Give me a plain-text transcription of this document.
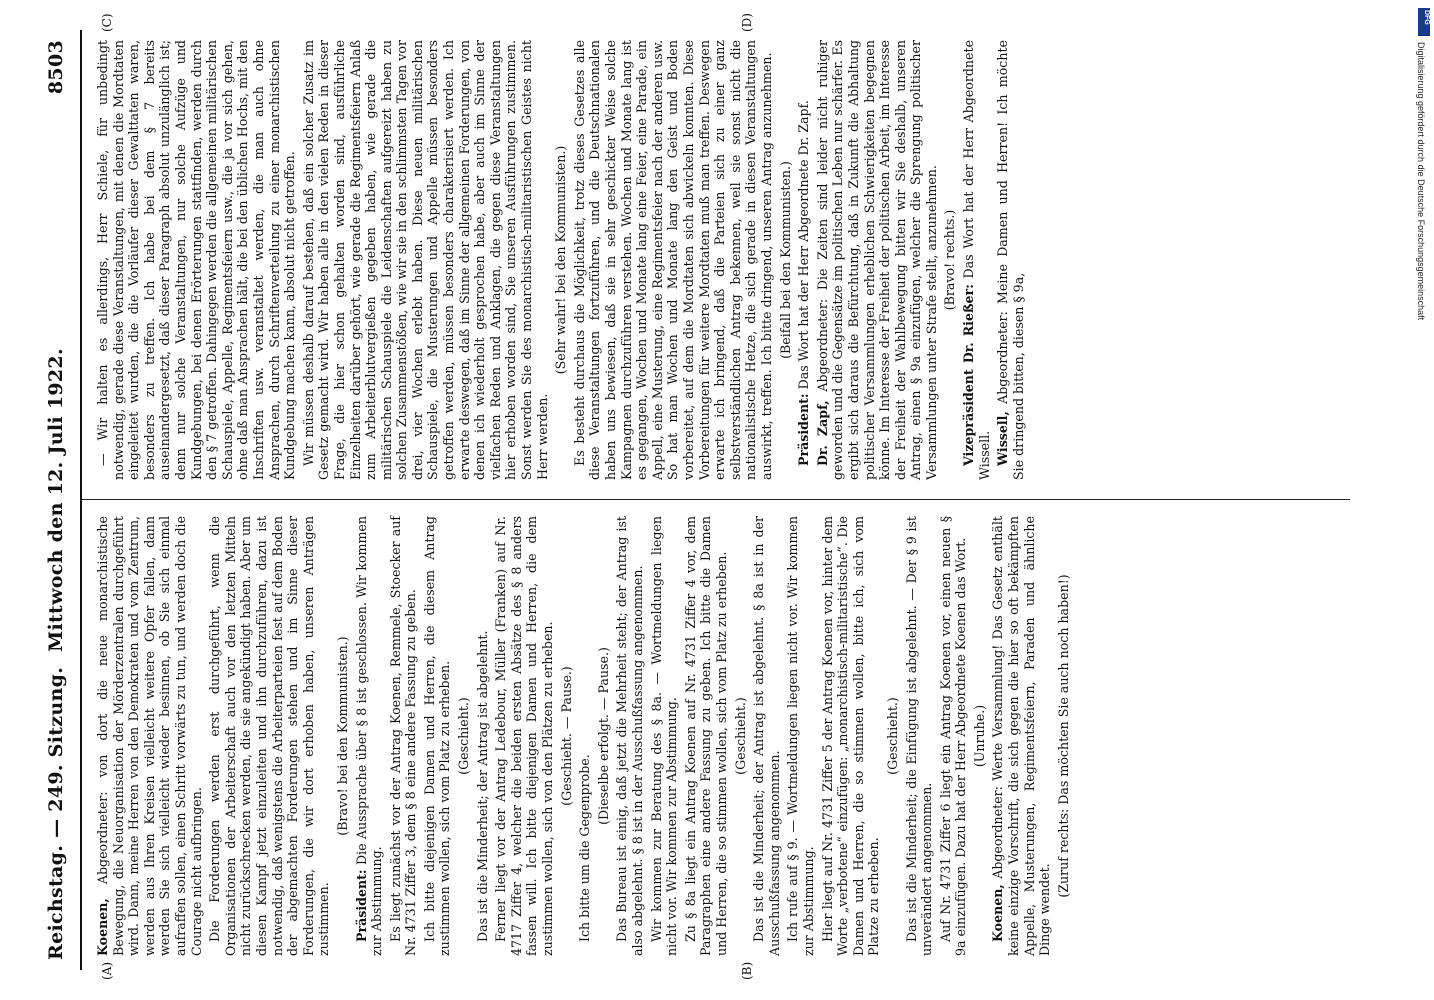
Reichstag. — 249. Sitzung.
Mittwoch den 12. Juli 1922.
8503
(A)	(B)
(C)	(D)

Koenen, Abgeordneter: von dort die neue monarchistische Bewegung, die Neuorganisation der Mörderzentralen durchgeführt wird. Dann, meine Herren von den Demokraten und vom Zentrum, werden aus Ihren Kreisen vielleicht weitere Opfer fallen, dann werden Sie sich vielleicht wieder besinnen, ob Sie sich einmal aufraffen sollen, einen Schritt vorwärts zu tun, und werden doch die Courage nicht aufbringen. Die Forderungen werden erst durchgeführt, wenn die Organisationen der Arbeiterschaft auch vor den letzten Mitteln nicht zurückschrecken werden, die sie angekündigt haben. Aber um diesen Kampf jetzt einzuleiten und ihn durchzuführen, dazu ist notwendig, daß wenigstens die Arbeiterparteien fest auf dem Boden der abgemachten Forderungen stehen und im Sinne dieser Forderungen, die wir dort erhoben haben, unseren Anträgen zustimmen.

(Bravo! bei den Kommunisten.)

Präsident: Die Aussprache über § 8 ist geschlossen. Wir kommen zur Abstimmung. Es liegt zunächst vor der Antrag Koenen, Remmele, Stoecker auf Nr. 4731 Ziffer 3, dem § 8 eine andere Fassung zu geben. Ich bitte diejenigen Damen und Herren, die diesem Antrag zustimmen wollen, sich vom Platz zu erheben. (Geschieht.) Das ist die Minderheit; der Antrag ist abgelehnt. Ferner liegt vor der Antrag Ledebour, Müller (Franken) auf Nr. 4717 Ziffer 4, welcher die beiden ersten Absätze des § 8 anders fassen will. Ich bitte diejenigen Damen und Herren, die dem zustimmen wollen, sich von den Plätzen zu erheben. (Geschieht. — Pause.)

Ich bitte um die Gegenprobe.

(Dieselbe erfolgt. — Pause.) Das Bureau ist einig, daß jetzt die Mehrheit steht; der Antrag ist also abgelehnt. § 8 ist in der Ausschußfassung angenommen. Wir kommen zur Beratung des § 8a. — Wortmeldungen liegen nicht vor. Wir kommen zur Abstimmung. Zu § 8a liegt ein Antrag Koenen auf Nr. 4731 Ziffer 4 vor, dem Paragraphen eine andere Fassung zu geben. Ich bitte die Damen und Herren, die so stimmen wollen, sich vom Platz zu erheben. (Geschieht.) Das ist die Minderheit; der Antrag ist abgelehnt. § 8a ist in der Ausschußfassung angenommen. Ich rufe auf § 9. — Wortmeldungen liegen nicht vor. Wir kommen zur Abstimmung. Hier liegt auf Nr. 4731 Ziffer 5 der Antrag Koenen vor, hinter dem Worte „verbotene“ einzufügen: „monarchistisch-militaristische“. Die Damen und Herren, die so stimmen wollen, bitte ich, sich vom Platze zu erheben.

(Geschieht.) Das ist die Minderheit; die Einfügung ist abgelehnt. — Der § 9 ist unverändert angenommen. Auf Nr. 4731 Ziffer 6 liegt ein Antrag Koenen vor, einen neuen § 9a einzufügen. Dazu hat der Herr Abgeordnete Koenen das Wort. (Unruhe.)

Koenen, Abgeordneter: Werte Versammlung! Das Gesetz enthält keine einzige Vorschrift, die sich gegen die hier so oft bekämpften Appelle, Musterungen, Regimentsfeiern, Paraden und ähnliche Dinge wendet.

(Zuruf rechts: Das möchten Sie auch noch haben!)

— Wir halten es allerdings, Herr Schiele, für unbedingt notwendig, gerade diese Veranstaltungen, mit denen die Mordtaten eingeleitet wurden, die die Vorläufer dieser Gewalttaten waren, besonders zu treffen. Ich habe bei dem § 7 bereits auseinandergesetzt, daß dieser Paragraph absolut unzulänglich ist; denn nur solche Veranstaltungen, nur solche Aufzüge und Kundgebungen, bei denen Erörterungen stattfinden, werden durch den § 7 getroffen. Dahingegen werden die allgemeinen militärischen Schauspiele, Appelle, Regimentsfeiern usw., die ja vor sich gehen, ohne daß man Ansprachen hält, die bei den üblichen Hochs, mit den Inschriften usw. veranstaltet werden, die man auch ohne Ansprachen, durch Schriftenverteilung zu einer monarchistischen Kundgebung machen kann, absolut nicht getroffen. Wir müssen deshalb darauf bestehen, daß ein solcher Zusatz im Gesetz gemacht wird. Wir haben alle in den vielen Reden in dieser Frage, die hier schon gehalten worden sind, ausführliche Einzelheiten darüber gehört, wie gerade die Regimentsfeiern Anlaß zum Arbeiterblutvergießen gegeben haben, wie gerade die militärischen Schauspiele die Leidenschaften aufgereizt haben zu solchen Zusammenstößen, wie wir sie in den schlimmsten Tagen vor drei, vier Wochen erlebt haben. Diese neuen militärischen Schauspiele, die Musterungen und Appelle müssen besonders getroffen werden, müssen besonders charakterisiert werden. Ich erwarte deswegen, daß im Sinne der allgemeinen Forderungen, von denen ich wiederholt gesprochen habe, aber auch im Sinne der vielfachen Reden und Anklagen, die gegen diese Veranstaltungen hier erhoben worden sind, Sie unseren Ausführungen zustimmen. Sonst werden Sie des monarchistisch-militaristischen Geistes nicht Herr werden.

(Sehr wahr! bei den Kommunisten.) Es besteht durchaus die Möglichkeit, trotz dieses Gesetzes alle diese Veranstaltungen fortzuführen, und die Deutschnationalen haben uns bewiesen, daß sie in sehr geschickter Weise solche Kampagnen durchzuführen verstehen. Wochen und Monate lang ist es gegangen, Wochen und Monate lang eine Feier, eine Parade, ein Appell, eine Musterung, eine Regimentsfeier nach der anderen usw. So hat man Wochen und Monate lang den Geist und Boden vorbereitet, auf dem die Mordtaten sich abwickeln konnten. Diese Vorbereitungen für weitere Mordtaten muß man treffen. Deswegen erwarte ich bringend, daß die Parteien sich zu einer ganz selbstverständlichen Antrag bekennen, weil sie sonst nicht die nationalistische Hetze, die sich gerade in diesen Veranstaltungen auswirkt, treffen. Ich bitte dringend, unseren Antrag anzunehmen. (Beifall bei den Kommunisten.)

Präsident: Das Wort hat der Herr Abgeordnete Dr. Zapf.

Dr. Zapf, Abgeordneter: Die Zeiten sind leider nicht ruhiger geworden und die Gegensätze im politischen Leben nur schärfer. Es ergibt sich daraus die Befürchtung, daß in Zukunft die Abhaltung politischer Versammlungen erheblichen Schwierigkeiten begegnen könne. Im Interesse der Freiheit der politischen Arbeit, im Interesse der Freiheit der Wahlbewegung bitten wir Sie deshalb, unseren Antrag, einen § 9a einzufügen, welcher die Sprengung politischer Versammlungen unter Strafe stellt, anzunehmen. (Bravo! rechts.)

Vizepräsident Dr. Rießer: Das Wort hat der Herr Abgeordnete Wissell. Wissell, Abgeordneter: Meine Damen und Herren! Ich möchte Sie dringend bitten, diesen § 9a,

DFG
Digitalisierung gefördert durch die Deutsche Forschungsgemeinschaft
